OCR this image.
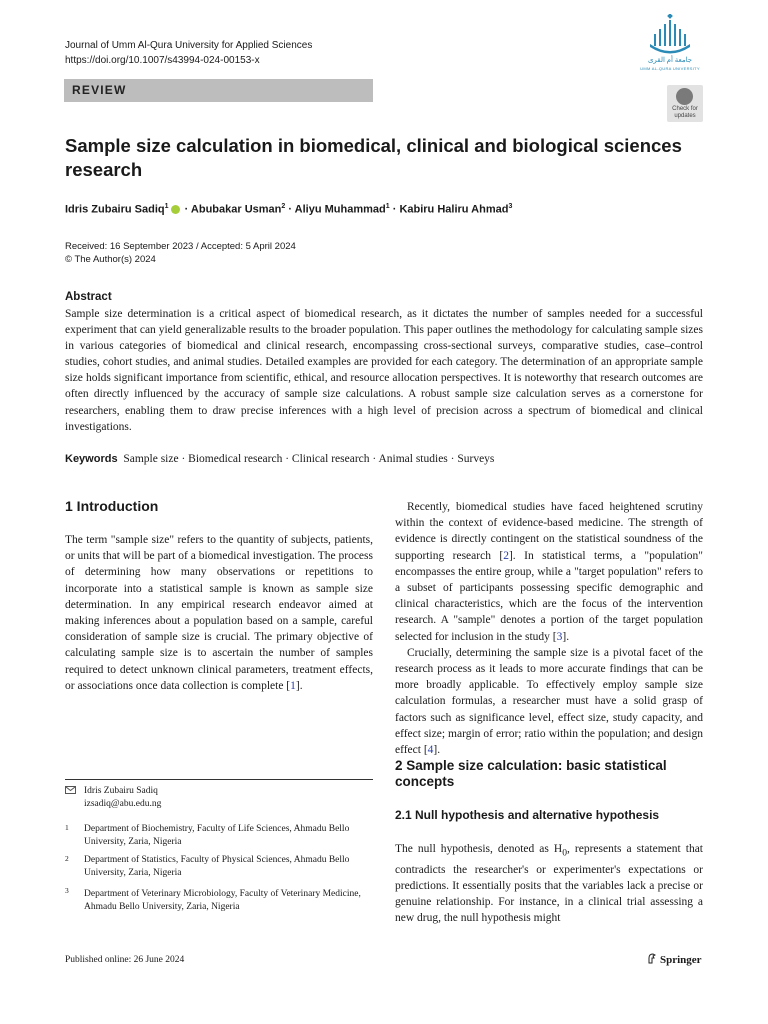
Journal of Umm Al-Qura University for Applied Sciences
https://doi.org/10.1007/s43994-024-00153-x	جامعة أم القرى
UMM AL-QURA UNIVERSITY
REVIEW
Check for
updates
Sample size calculation in biomedical, clinical and biological sciences research
Idris Zubairu Sadiq$^1$ · Abubakar Usman$^2$ · Aliyu Muhammad$^1$ · Kabiru Haliru Ahmad$^3$
Received: 16 September 2023 / Accepted: 5 April 2024
© The Author(s) 2024
Abstract
Sample size determination is a critical aspect of biomedical research, as it dictates the number of samples needed for a successful experiment that can yield generalizable results to the broader population. This paper outlines the methodology for calculating sample sizes in various categories of biomedical and clinical research, encompassing cross-sectional surveys, comparative studies, case–control studies, cohort studies, and animal studies. Detailed examples are provided for each category. The determination of an appropriate sample size holds significant importance from scientific, ethical, and resource allocation perspectives. It is noteworthy that research outcomes are often directly influenced by the accuracy of sample size calculations. A robust sample size calculation serves as a cornerstone for researchers, enabling them to draw precise inferences with a high level of precision across a spectrum of biomedical and clinical investigations.
Keywords Sample size · Biomedical research · Clinical research · Animal studies · Surveys
1 Introduction

The term "sample size" refers to the quantity of subjects, patients, or units that will be part of a biomedical investigation. The process of determining how many observations or repetitions to incorporate into a statistical sample is known as sample size determination. In any empirical research endeavor aimed at making inferences about a population based on a sample, careful consideration of sample size is crucial. The primary objective of calculating sample size is to ascertain the number of samples required to detect unknown clinical parameters, treatment effects, or associations once data collection is complete [1].

Recently, biomedical studies have faced heightened scrutiny within the context of evidence-based medicine. The strength of evidence is directly contingent on the statistical soundness of the supporting research [2]. In statistical terms, a "population" encompasses the entire group, while a "target population" refers to a subset of participants possessing specific demographic and clinical characteristics, which are the focus of the intervention research. A "sample" denotes a portion of the target population selected for inclusion in the study [3].

Crucially, determining the sample size is a pivotal facet of the research process as it leads to more accurate findings that can be more broadly applicable. To effectively employ sample size calculation formulas, a researcher must have a solid grasp of factors such as significance level, effect size, study capacity, and effect size; margin of error; ratio within the population; and design effect [4].

2 Sample size calculation: basic statistical concepts
2.1 Null hypothesis and alternative hypothesis

The null hypothesis, denoted as $H_0$, represents a statement that contradicts the researcher's or experimenter's expectations or predictions. It essentially posits that the variables lack a precise or genuine relationship. For instance, in a clinical trial assessing a new drug, the null hypothesis might

Idris Zubairu Sadiq
izsadiq@abu.edu.ng
1 Department of Biochemistry, Faculty of Life Sciences, Ahmadu Bello University, Zaria, Nigeria
2 Department of Statistics, Faculty of Physical Sciences, Ahmadu Bello University, Zaria, Nigeria
3 Department of Veterinary Microbiology, Faculty of Veterinary Medicine, Ahmadu Bello University, Zaria, Nigeria
Published online: 26 June 2024	Springer
